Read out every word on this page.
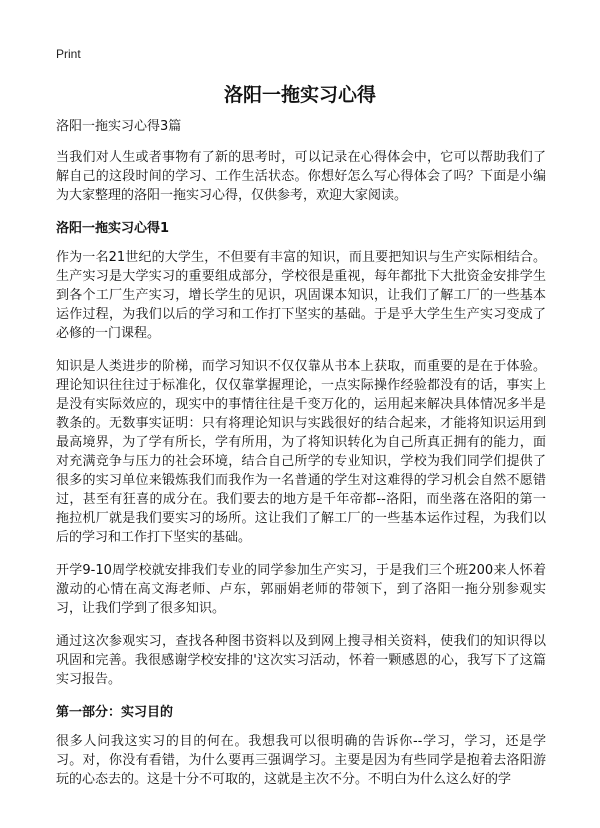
Print
洛阳一拖实习心得
洛阳一拖实习心得3篇

当我们对人生或者事物有了新的思考时，可以记录在心得体会中，它可以帮助我们了解自己的这段时间的学习、工作生活状态。你想好怎么写心得体会了吗？下面是小编为大家整理的洛阳一拖实习心得，仅供参考，欢迎大家阅读。

洛阳一拖实习心得1

作为一名21世纪的大学生，不但要有丰富的知识，而且要把知识与生产实际相结合。生产实习是大学实习的重要组成部分，学校很是重视，每年都批下大批资金安排学生到各个工厂生产实习，增长学生的见识，巩固课本知识，让我们了解工厂的一些基本运作过程，为我们以后的学习和工作打下坚实的基础。于是乎大学生生产实习变成了必修的一门课程。

知识是人类进步的阶梯，而学习知识不仅仅靠从书本上获取，而重要的是在于体验。理论知识往往过于标准化，仅仅靠掌握理论，一点实际操作经验都没有的话，事实上是没有实际效应的，现实中的事情往往是千变万化的，运用起来解决具体情况多半是教条的。无数事实证明：只有将理论知识与实践很好的结合起来，才能将知识运用到最高境界，为了学有所长，学有所用，为了将知识转化为自己所真正拥有的能力，面对充满竞争与压力的社会环境，结合自己所学的专业知识，学校为我们同学们提供了很多的实习单位来锻炼我们而我作为一名普通的学生对这难得的学习机会自然不愿错过，甚至有狂喜的成分在。我们要去的地方是千年帝都--洛阳，而坐落在洛阳的第一拖拉机厂就是我们要实习的场所。这让我们了解工厂的一些基本运作过程，为我们以后的学习和工作打下坚实的基础。

开学9-10周学校就安排我们专业的同学参加生产实习，于是我们三个班200来人怀着激动的心情在高文海老师、卢东，郭丽娟老师的带领下，到了洛阳一拖分别参观实习，让我们学到了很多知识。

通过这次参观实习，查找各种图书资料以及到网上搜寻相关资料，使我们的知识得以巩固和完善。我很感谢学校安排的'这次实习活动，怀着一颗感恩的心，我写下了这篇实习报告。

第一部分：实习目的

很多人问我这实习的目的何在。我想我可以很明确的告诉你--学习，学习，还是学习。对，你没有看错，为什么要再三强调学习。主要是因为有些同学是抱着去洛阳游玩的心态去的。这是十分不可取的，这就是主次不分。不明白为什么这么好的学
